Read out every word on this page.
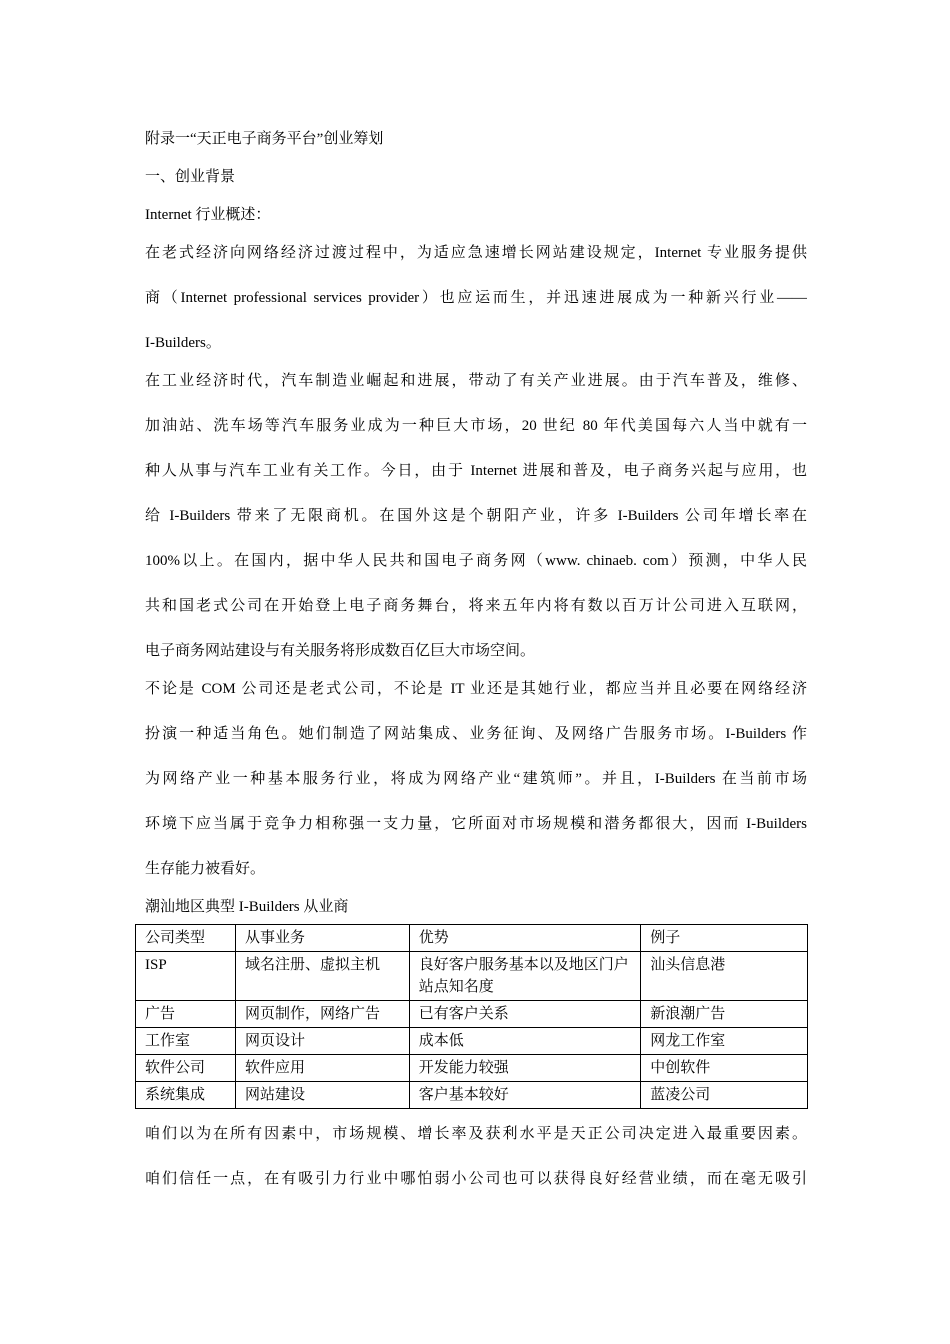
附录一“天正电子商务平台”创业筹划
一、创业背景
Internet 行业概述：
在老式经济向网络经济过渡过程中，为适应急速增长网站建设规定，Internet 专业服务提供
商（Internet professional services provider）也应运而生，并迅速进展成为一种新兴行业——
I-Builders。
在工业经济时代，汽车制造业崛起和进展，带动了有关产业进展。由于汽车普及，维修、
加油站、洗车场等汽车服务业成为一种巨大市场，20 世纪 80 年代美国每六人当中就有一
种人从事与汽车工业有关工作。今日，由于 Internet 进展和普及，电子商务兴起与应用，也
给 I-Builders 带来了无限商机。在国外这是个朝阳产业，许多 I-Builders 公司年增长率在
100%以上。在国内，据中华人民共和国电子商务网（www. chinaeb. com）预测，中华人民
共和国老式公司在开始登上电子商务舞台，将来五年内将有数以百万计公司进入互联网，
电子商务网站建设与有关服务将形成数百亿巨大市场空间。
不论是 COM 公司还是老式公司，不论是 IT 业还是其她行业，都应当并且必要在网络经济
扮演一种适当角色。她们制造了网站集成、业务征询、及网络广告服务市场。I-Builders 作
为网络产业一种基本服务行业，将成为网络产业“建筑师”。并且，I-Builders 在当前市场
环境下应当属于竞争力相称强一支力量，它所面对市场规模和潜务都很大，因而 I-Builders
生存能力被看好。
潮汕地区典型 I-Builders 从业商
公司类型	从事业务	优势	例子
ISP	域名注册、虚拟主机	良好客户服务基本以及地区门户站点知名度	汕头信息港
广告	网页制作，网络广告	已有客户关系	新浪潮广告
工作室	网页设计	成本低	网龙工作室
软件公司	软件应用	开发能力较强	中创软件
系统集成	网站建设	客户基本较好	蓝凌公司
咱们以为在所有因素中，市场规模、增长率及获利水平是天正公司决定进入最重要因素。
咱们信任一点，在有吸引力行业中哪怕弱小公司也可以获得良好经营业绩，而在毫无吸引
